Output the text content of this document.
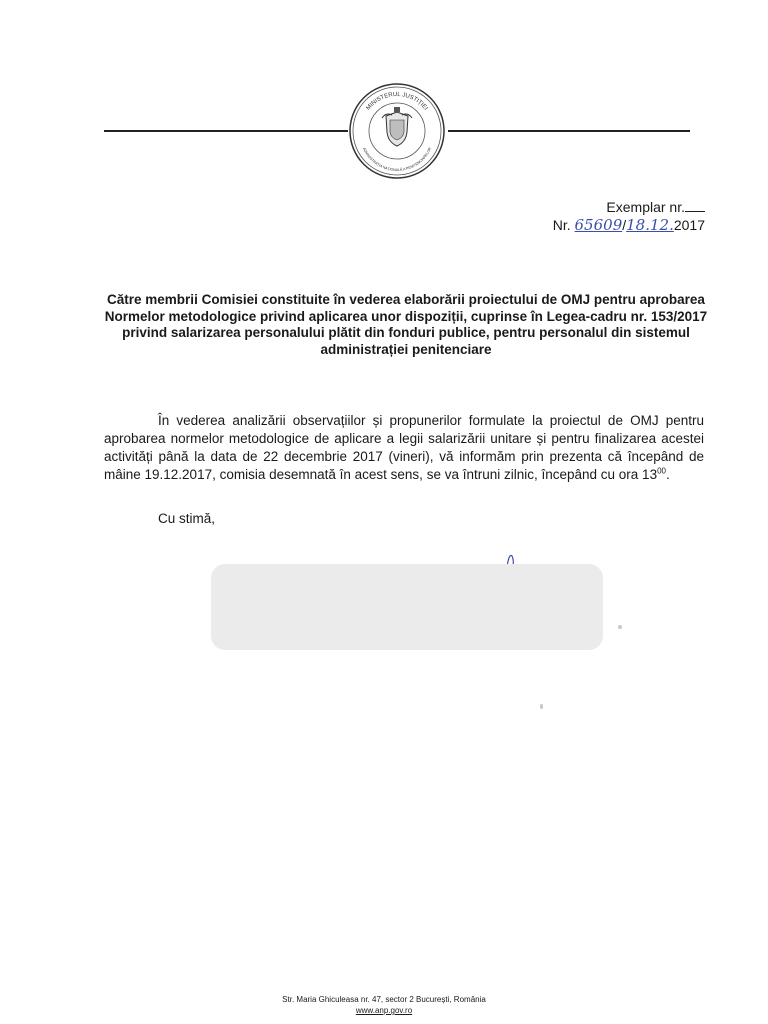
MINISTERUL JUSTIȚIEI
ADMINISTRAȚIA NAȚIONALĂ A PENITENCIARELOR
Exemplar nr.
Nr. 65609/18.12.2017

Către membrii Comisiei constituite în vederea elaborării proiectului de OMJ pentru aprobarea Normelor metodologice privind aplicarea unor dispoziții, cuprinse în Legea-cadru nr. 153/2017 privind salarizarea personalului plătit din fonduri publice, pentru personalul din sistemul administrației penitenciare

În vederea analizării observațiilor și propunerilor formulate la proiectul de OMJ pentru aprobarea normelor metodologice de aplicare a legii salarizării unitare și pentru finalizarea acestei activități până la data de 22 decembrie 2017 (vineri), vă informăm prin prezenta că începând de mâine 19.12.2017, comisia desemnată în acest sens, se va întruni zilnic, începând cu ora $13^{00}$.

Cu stimă,
Str. Maria Ghiculeasa nr. 47, sector 2 București, România
www.anp.gov.ro
